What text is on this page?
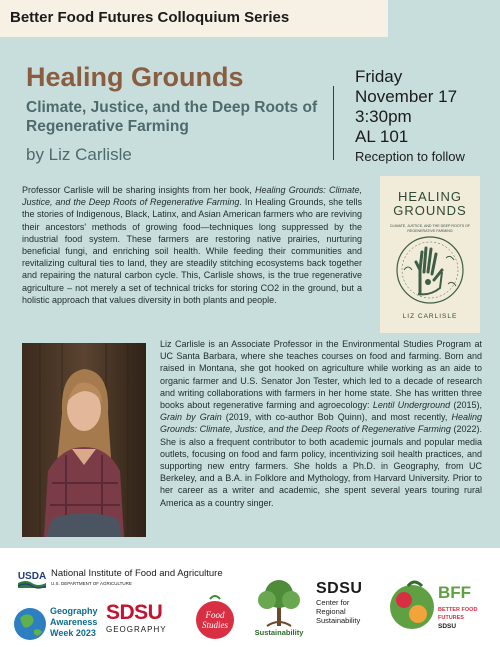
Better Food Futures Colloquium Series
Healing Grounds
Climate, Justice, and the Deep Roots of Regenerative Farming
by Liz Carlisle
Friday
November 17
3:30pm
AL 101
Reception to follow

Professor Carlisle will be sharing insights from her book, Healing Grounds: Climate, Justice, and the Deep Roots of Regenerative Farming. In Healing Grounds, she tells the stories of Indigenous, Black, Latinx, and Asian American farmers who are reviving their ancestors' methods of growing food—techniques long suppressed by the industrial food system. These farmers are restoring native prairies, nurturing beneficial fungi, and enriching soil health. While feeding their communities and revitalizing cultural ties to land, they are steadily stitching ecosystems back together and repairing the natural carbon cycle. This, Carlisle shows, is the true regenerative agriculture – not merely a set of technical tricks for storing CO2 in the ground, but a holistic approach that values diversity in both plants and people.

HEALING
GROUNDS
CLIMATE, JUSTICE, AND THE DEEP ROOTS OF REGENERATIVE FARMING
LIZ CARLISLE

Liz Carlisle is an Associate Professor in the Environmental Studies Program at UC Santa Barbara, where she teaches courses on food and farming. Born and raised in Montana, she got hooked on agriculture while working as an aide to organic farmer and U.S. Senator Jon Tester, which led to a decade of research and writing collaborations with farmers in her home state. She has written three books about regenerative farming and agroecology: Lentil Underground (2015), Grain by Grain (2019, with co-author Bob Quinn), and most recently, Healing Grounds: Climate, Justice, and the Deep Roots of Regenerative Farming (2022). She is also a frequent contributor to both academic journals and popular media outlets, focusing on food and farm policy, incentivizing soil health practices, and supporting new entry farmers. She holds a Ph.D. in Geography, from UC Berkeley, and a B.A. in Folklore and Mythology, from Harvard University. Prior to her career as a writer and academic, she spent several years touring rural America as a country singer.

USDA National Institute of Food and Agriculture
U.S. DEPARTMENT OF AGRICULTURE
Geography
Awareness
Week 2023
SDSU
GEOGRAPHY
Food
Studies
Sustainability
SDSU
Center for
Regional
Sustainability
BFF
BETTER FOOD
FUTURES
SDSU
